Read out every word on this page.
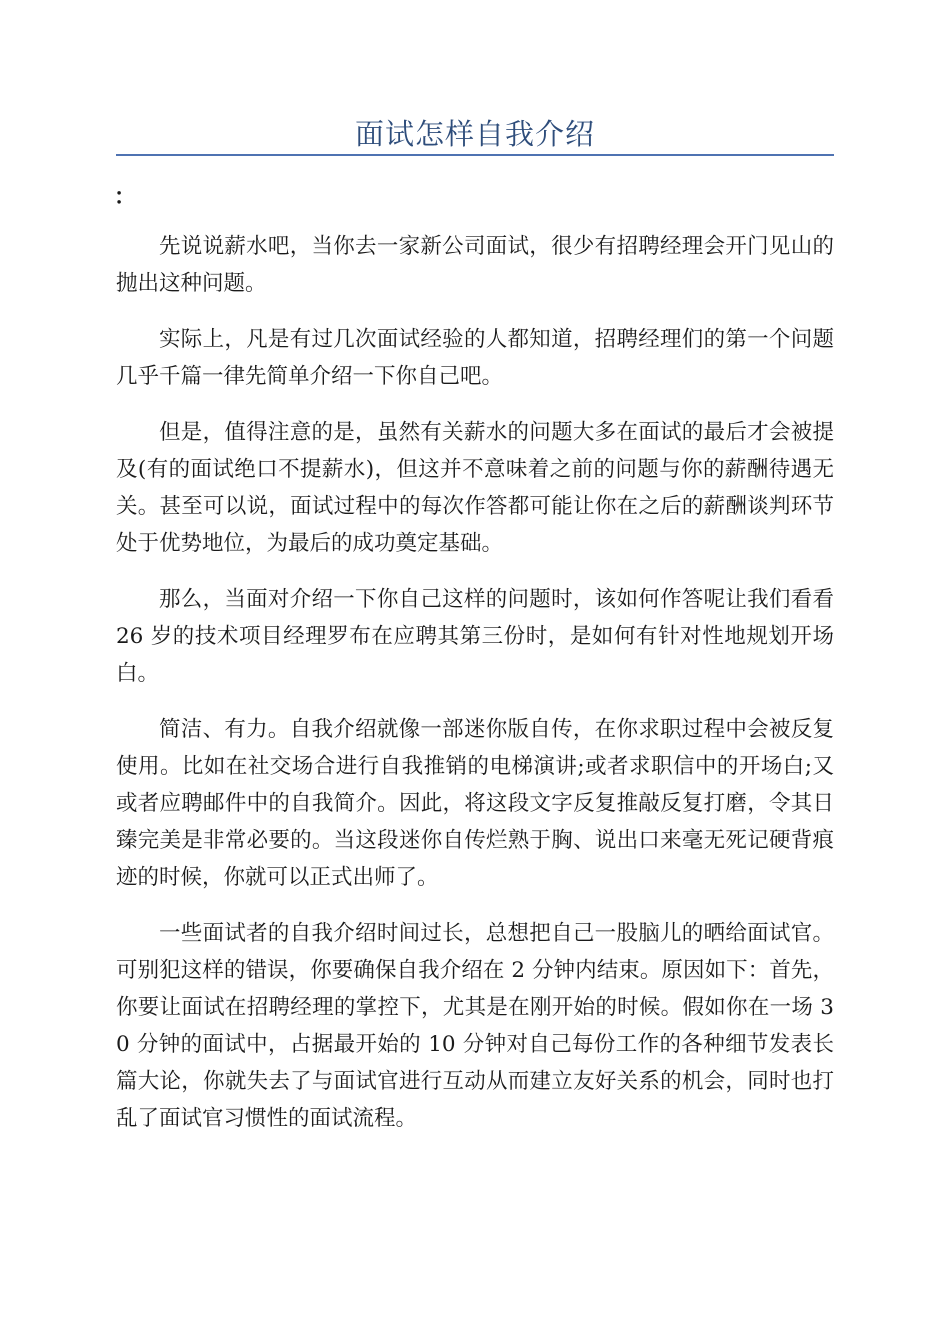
面试怎样自我介绍
：

先说说薪水吧，当你去一家新公司面试，很少有招聘经理会开门见山的抛出这种问题。

实际上，凡是有过几次面试经验的人都知道，招聘经理们的第一个问题几乎千篇一律先简单介绍一下你自己吧。

但是，值得注意的是，虽然有关薪水的问题大多在面试的最后才会被提及(有的面试绝口不提薪水)，但这并不意味着之前的问题与你的薪酬待遇无关。甚至可以说，面试过程中的每次作答都可能让你在之后的薪酬谈判环节处于优势地位，为最后的成功奠定基础。

那么，当面对介绍一下你自己这样的问题时，该如何作答呢让我们看看 26 岁的技术项目经理罗布在应聘其第三份时，是如何有针对性地规划开场白。

简洁、有力。自我介绍就像一部迷你版自传，在你求职过程中会被反复使用。比如在社交场合进行自我推销的电梯演讲;或者求职信中的开场白;又或者应聘邮件中的自我简介。因此，将这段文字反复推敲反复打磨，令其日臻完美是非常必要的。当这段迷你自传烂熟于胸、说出口来毫无死记硬背痕迹的时候，你就可以正式出师了。

一些面试者的自我介绍时间过长，总想把自己一股脑儿的晒给面试官。可别犯这样的错误，你要确保自我介绍在 2 分钟内结束。原因如下：首先，你要让面试在招聘经理的掌控下，尤其是在刚开始的时候。假如你在一场 30 分钟的面试中，占据最开始的 10 分钟对自己每份工作的各种细节发表长篇大论，你就失去了与面试官进行互动从而建立友好关系的机会，同时也打乱了面试官习惯性的面试流程。
